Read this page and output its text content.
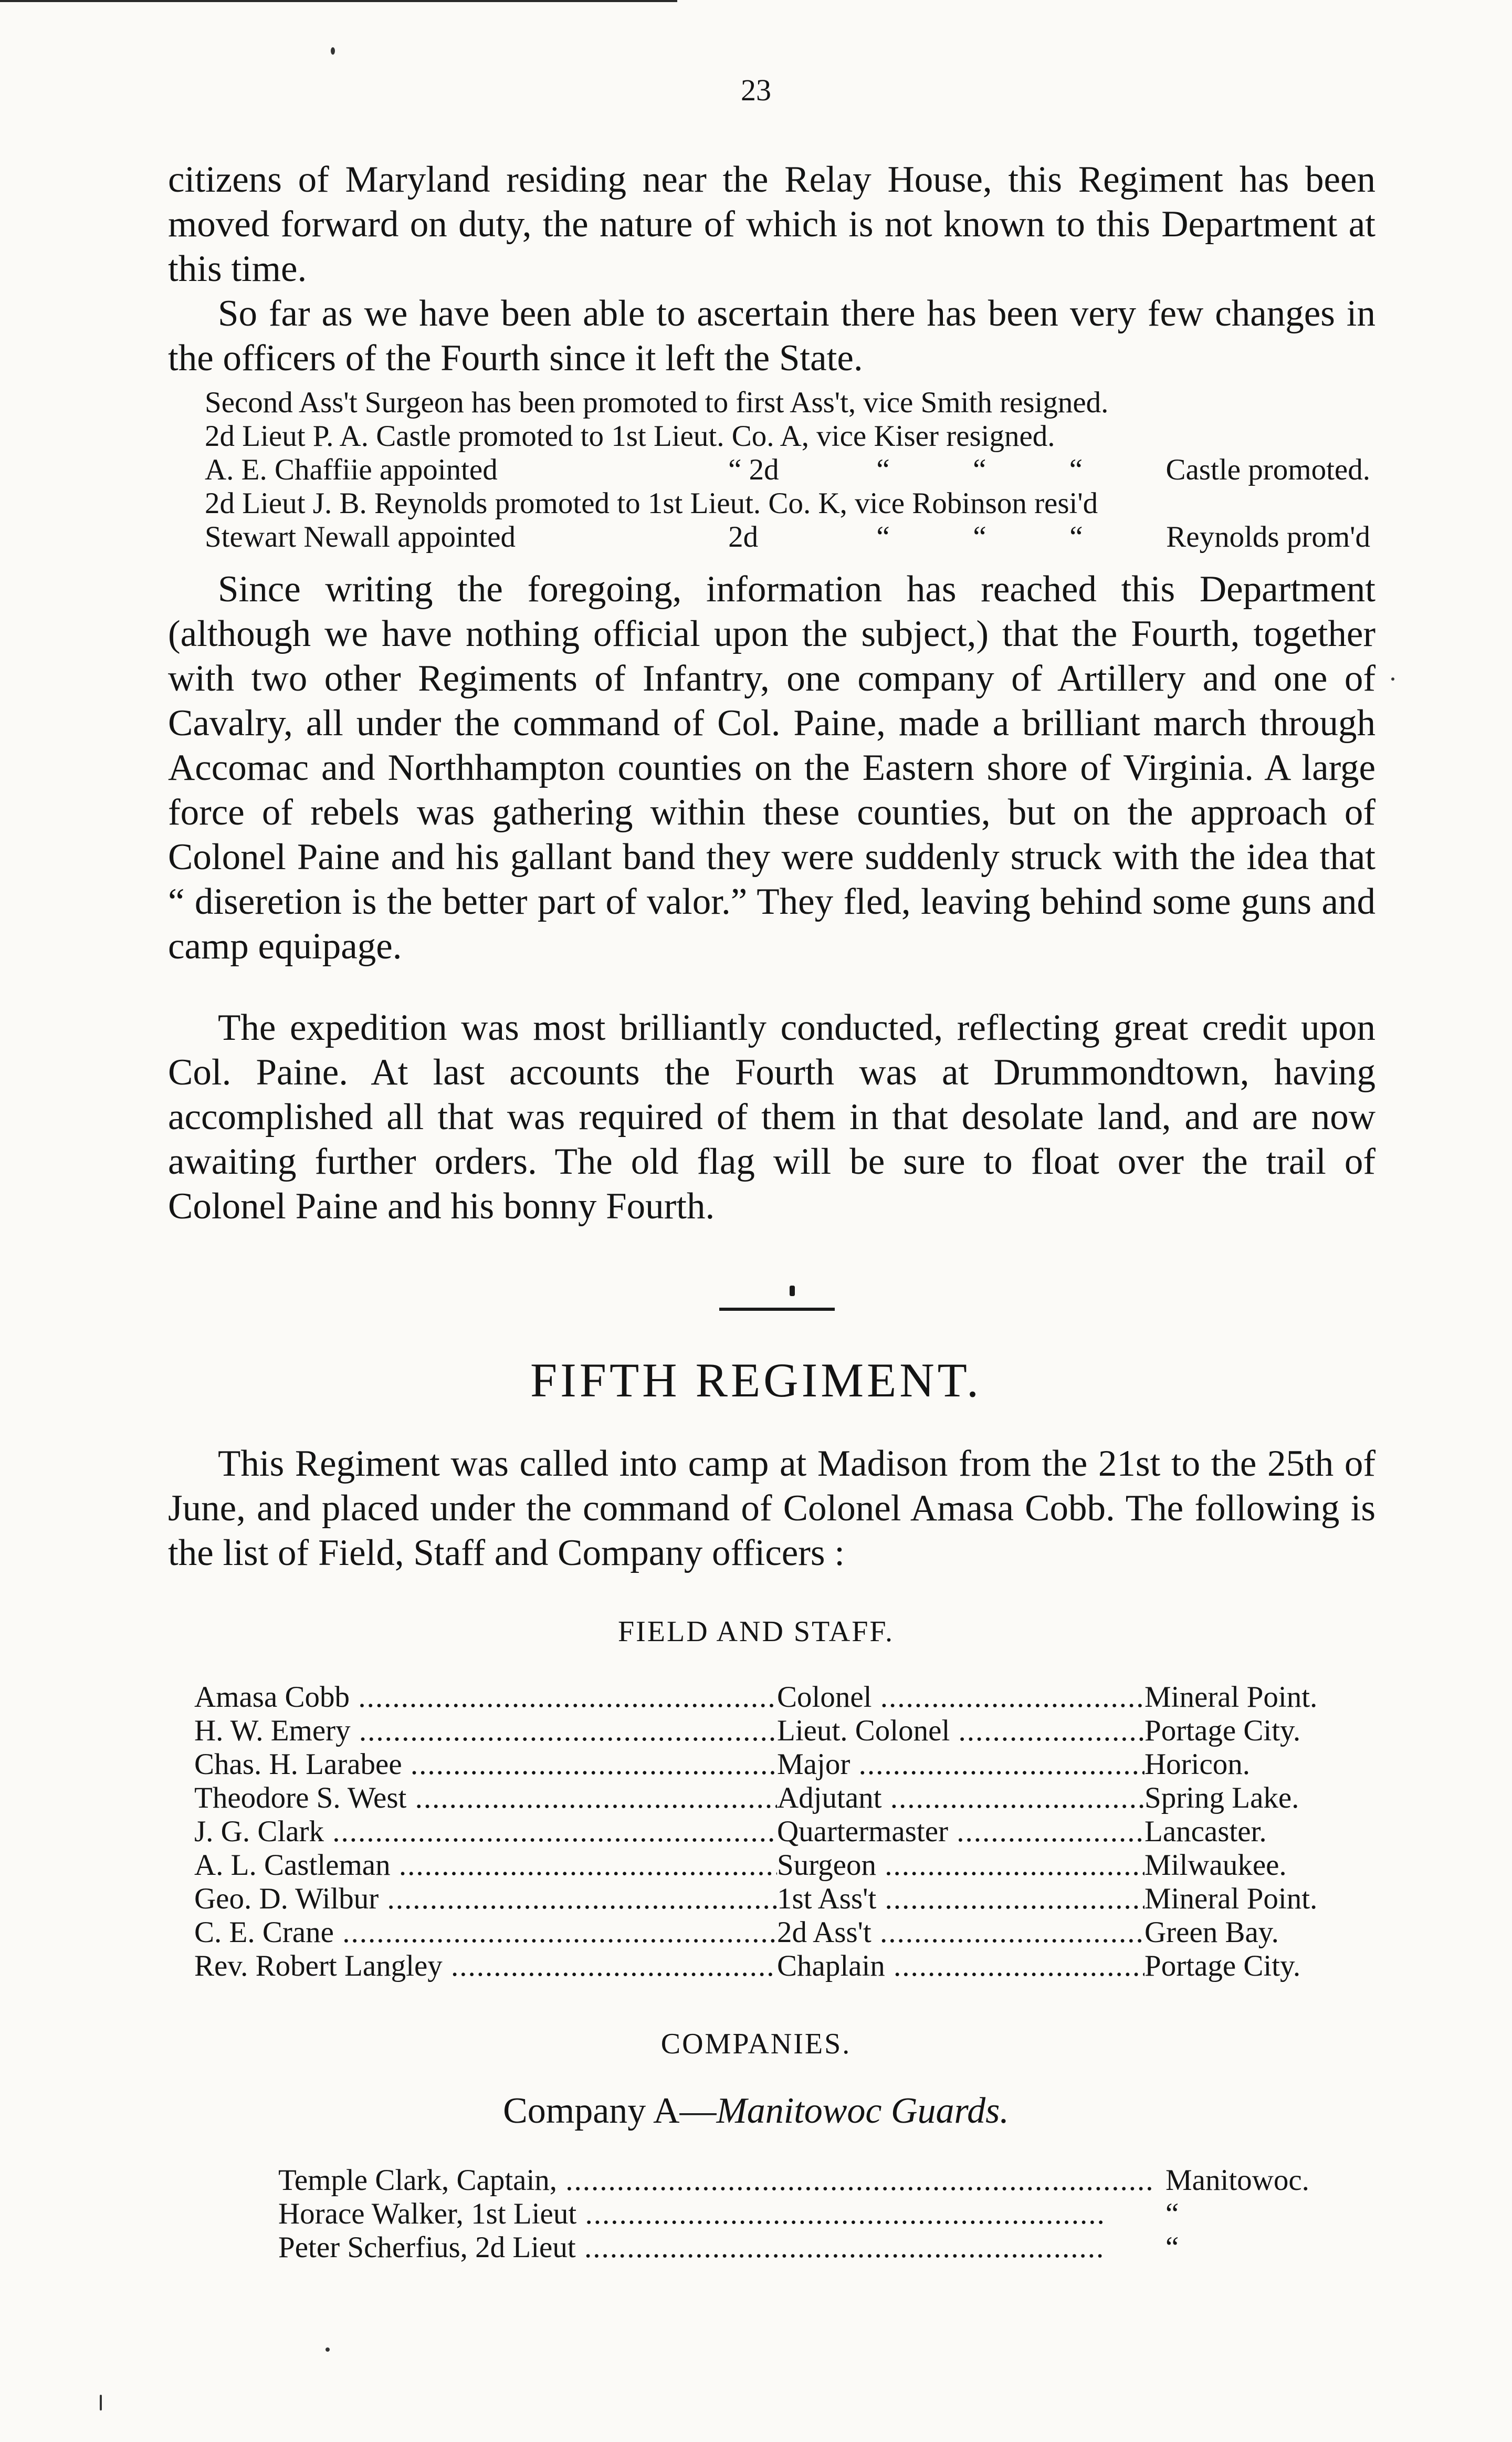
23

citizens of Maryland residing near the Relay House, this Regiment has been moved forward on duty, the nature of which is not known to this Department at this time.

So far as we have been able to ascertain there has been very few changes in the officers of the Fourth since it left the State.

Second Ass't Surgeon has been promoted to first Ass't, vice Smith resigned.
2d Lieut P. A. Castle promoted to 1st Lieut. Co. A, vice Kiser resigned.
A. E. Chaffiie appointed	“ 2d	“	“	“	Castle promoted.
2d Lieut J. B. Reynolds promoted to 1st Lieut. Co. K, vice Robinson resi'd
Stewart Newall appointed	2d	“	“	“	Reynolds prom'd

Since writing the foregoing, information has reached this Department (although we have nothing official upon the subject,) that the Fourth, together with two other Regiments of Infantry, one company of Artillery and one of Cavalry, all under the command of Col. Paine, made a brilliant march through Accomac and Northhampton counties on the Eastern shore of Virginia. A large force of rebels was gathering within these counties, but on the approach of Colonel Paine and his gallant band they were suddenly struck with the idea that “ diseretion is the better part of valor.” They fled, leaving behind some guns and camp equipage.

The expedition was most brilliantly conducted, reflecting great credit upon Col. Paine. At last accounts the Fourth was at Drummondtown, having accomplished all that was required of them in that desolate land, and are now awaiting further orders. The old flag will be sure to float over the trail of Colonel Paine and his bonny Fourth.

FIFTH REGIMENT.

This Regiment was called into camp at Madison from the 21st to the 25th of June, and placed under the command of Colonel Amasa Cobb. The following is the list of Field, Staff and Company officers :

FIELD AND STAFF.
Amasa Cobb .....	Colonel .....	Mineral Point.
H. W. Emery .....	Lieut. Colonel .....	Portage City.
Chas. H. Larabee .....	Major .....	Horicon.
Theodore S. West .....	Adjutant .....	Spring Lake.
J. G. Clark .....	Quartermaster .....	Lancaster.
A. L. Castleman .....	Surgeon .....	Milwaukee.
Geo. D. Wilbur .....	1st Ass't .....	Mineral Point.
C. E. Crane .....	2d Ass't .....	Green Bay.
Rev. Robert Langley .....	Chaplain .....	Portage City.
COMPANIES.
Company A—Manitowoc Guards.
Temple Clark, Captain, .....	Manitowoc.
Horace Walker, 1st Lieut .....	“
Peter Scherfius, 2d Lieut .....	“
